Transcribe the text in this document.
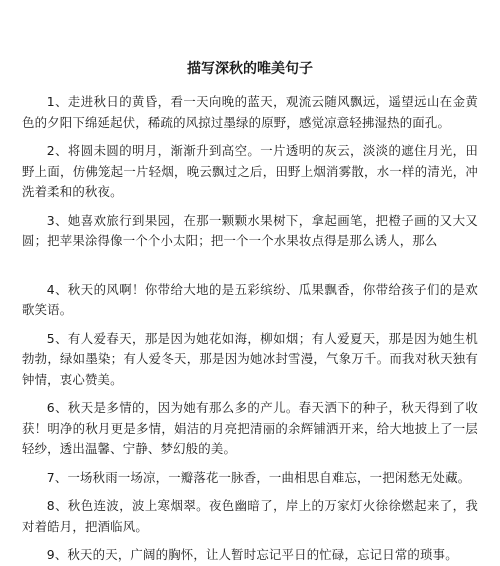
描写深秋的唯美句子

1、走进秋日的黄昏，看一天向晚的蓝天，观流云随风飘远，遥望远山在金黄色的夕阳下绵延起伏，稀疏的风掠过墨绿的原野，感觉凉意轻拂湿热的面孔。

2、将圆未圆的明月，渐渐升到高空。一片透明的灰云，淡淡的遮住月光，田野上面，仿佛笼起一片轻烟，晚云飘过之后，田野上烟消雾散，水一样的清光，冲洗着柔和的秋夜。

3、她喜欢旅行到果园，在那一颗颗水果树下，拿起画笔，把橙子画的又大又圆；把苹果涂得像一个个小太阳；把一个一个水果妆点得是那么诱人，那么

4、秋天的风啊！你带给大地的是五彩缤纷、瓜果飘香，你带给孩子们的是欢歌笑语。

5、有人爱春天，那是因为她花如海，柳如烟；有人爱夏天，那是因为她生机勃勃，绿如墨染；有人爱冬天，那是因为她冰封雪漫，气象万千。而我对秋天独有钟情，衷心赞美。

6、秋天是多情的，因为她有那么多的产儿。春天洒下的种子，秋天得到了收获！明净的秋月更是多情，娟洁的月亮把清丽的余辉铺洒开来，给大地披上了一层轻纱，透出温馨、宁静、梦幻般的美。

7、一场秋雨一场凉，一瓣落花一脉香，一曲相思自难忘，一把闲愁无处藏。

8、秋色连波，波上寒烟翠。夜色幽暗了，岸上的万家灯火徐徐燃起来了，我对着皓月，把酒临风。

9、秋天的天，广阔的胸怀，让人暂时忘记平日的忙碌，忘记日常的琐事。
